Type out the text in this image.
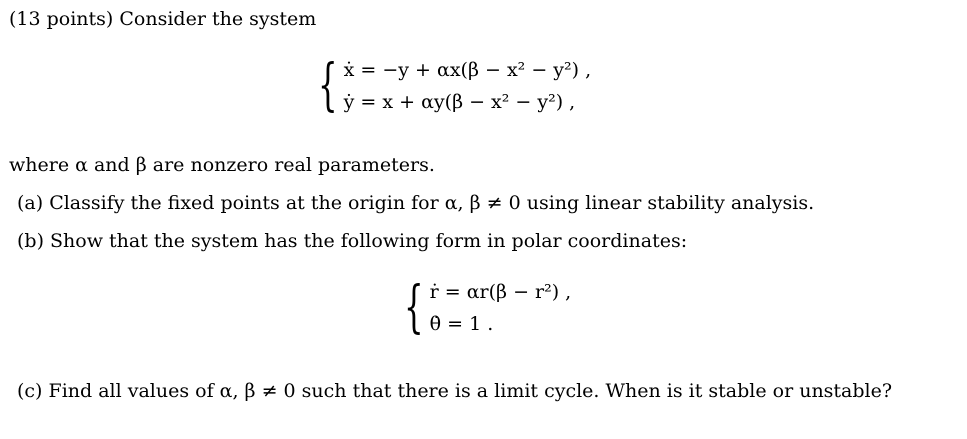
(13 points) Consider the system
{ ẋ = −y + αx(β − x² − y²) ,
ẏ = x + αy(β − x² − y²) ,
where α and β are nonzero real parameters.
(a) Classify the fixed points at the origin for α, β ≠ 0 using linear stability analysis.
(b) Show that the system has the following form in polar coordinates:
{ ṙ = αr(β − r²) ,
θ̇ = 1 .
(c) Find all values of α, β ≠ 0 such that there is a limit cycle. When is it stable or unstable?
